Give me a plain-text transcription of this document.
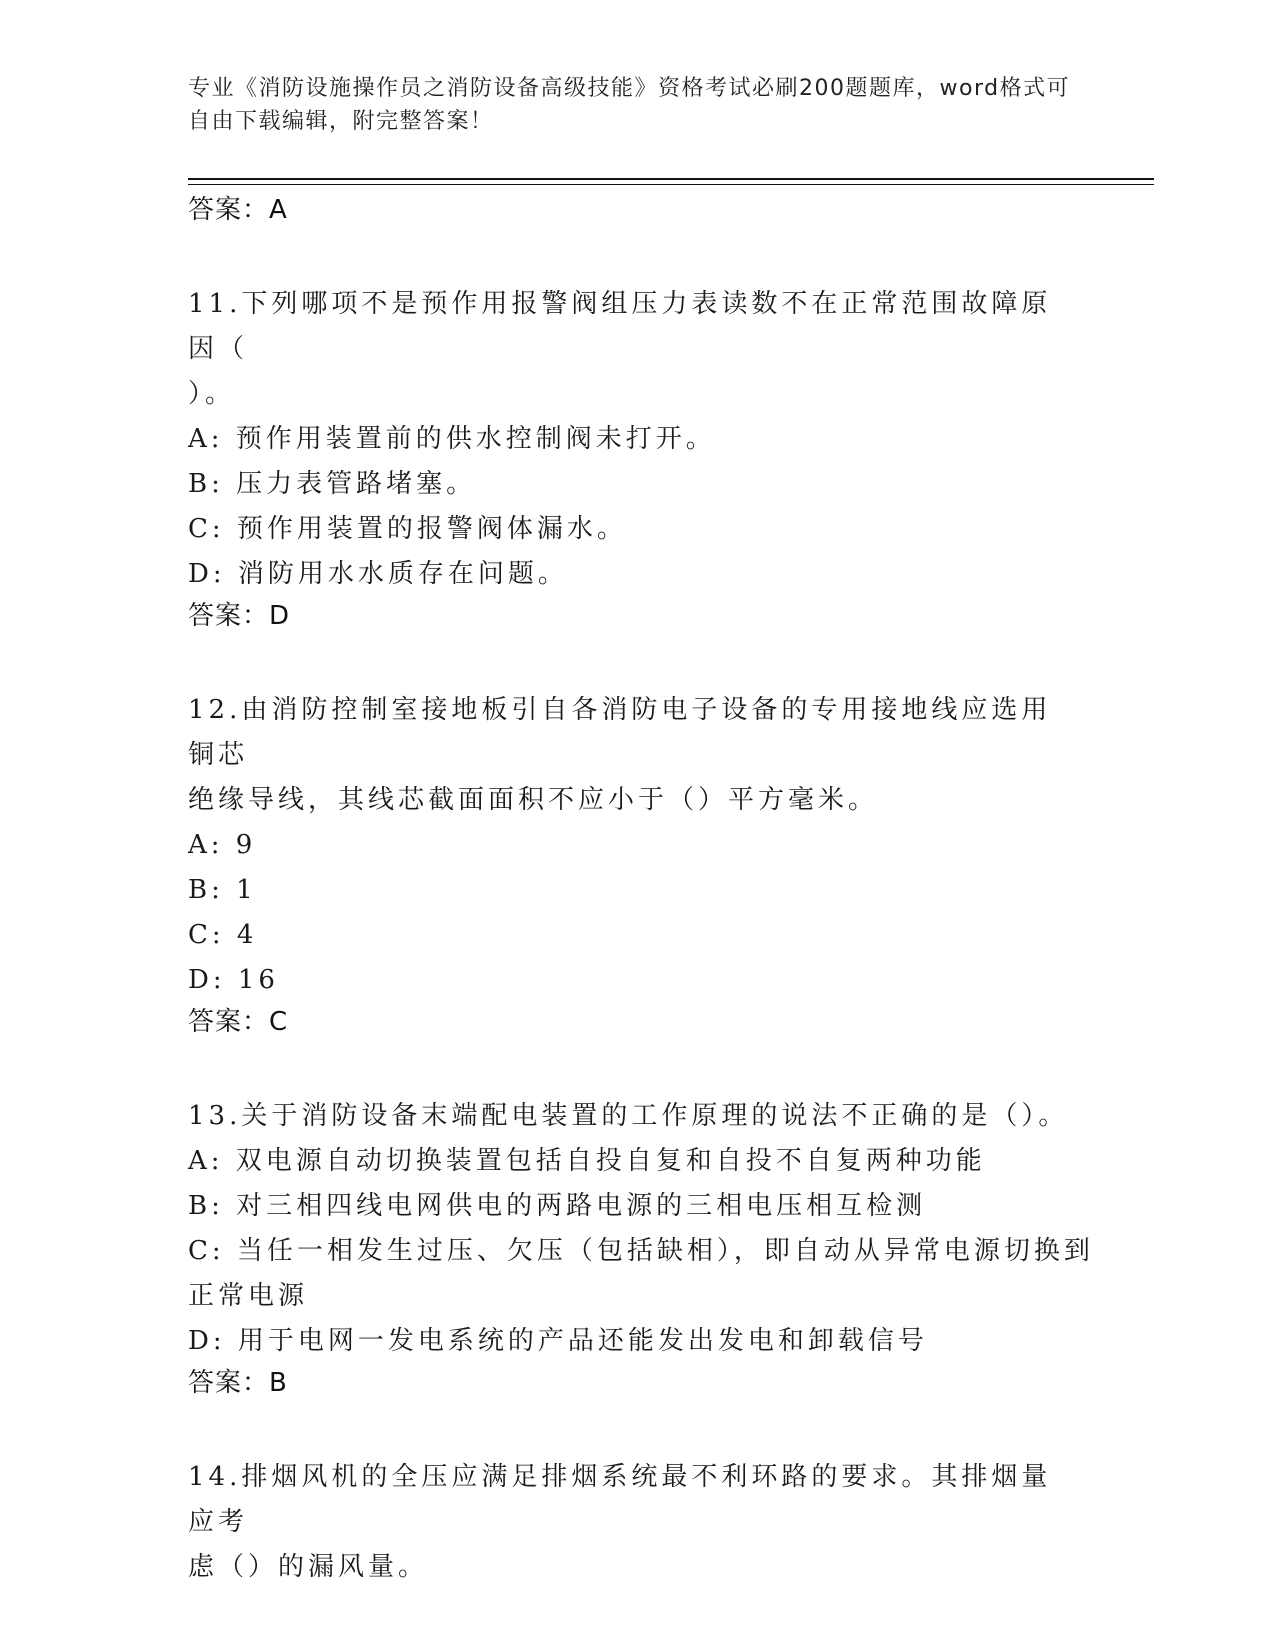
专业《消防设施操作员之消防设备高级技能》资格考试必刷200题题库，word格式可自由下载编辑，附完整答案！

答案：A

11.下列哪项不是预作用报警阀组压力表读数不在正常范围故障原因（

）。

A: 预作用装置前的供水控制阀未打开。

B: 压力表管路堵塞。

C: 预作用装置的报警阀体漏水。

D: 消防用水水质存在问题。

答案：D

12.由消防控制室接地板引自各消防电子设备的专用接地线应选用铜芯

绝缘导线，其线芯截面面积不应小于（）平方毫米。

A: 9

B: 1

C: 4

D: 16

答案：C

13.关于消防设备末端配电装置的工作原理的说法不正确的是（）。

A: 双电源自动切换装置包括自投自复和自投不自复两种功能

B: 对三相四线电网供电的两路电源的三相电压相互检测

C: 当任一相发生过压、欠压（包括缺相），即自动从异常电源切换到

正常电源

D: 用于电网一发电系统的产品还能发出发电和卸载信号

答案：B

14.排烟风机的全压应满足排烟系统最不利环路的要求。其排烟量应考

虑（）的漏风量。
